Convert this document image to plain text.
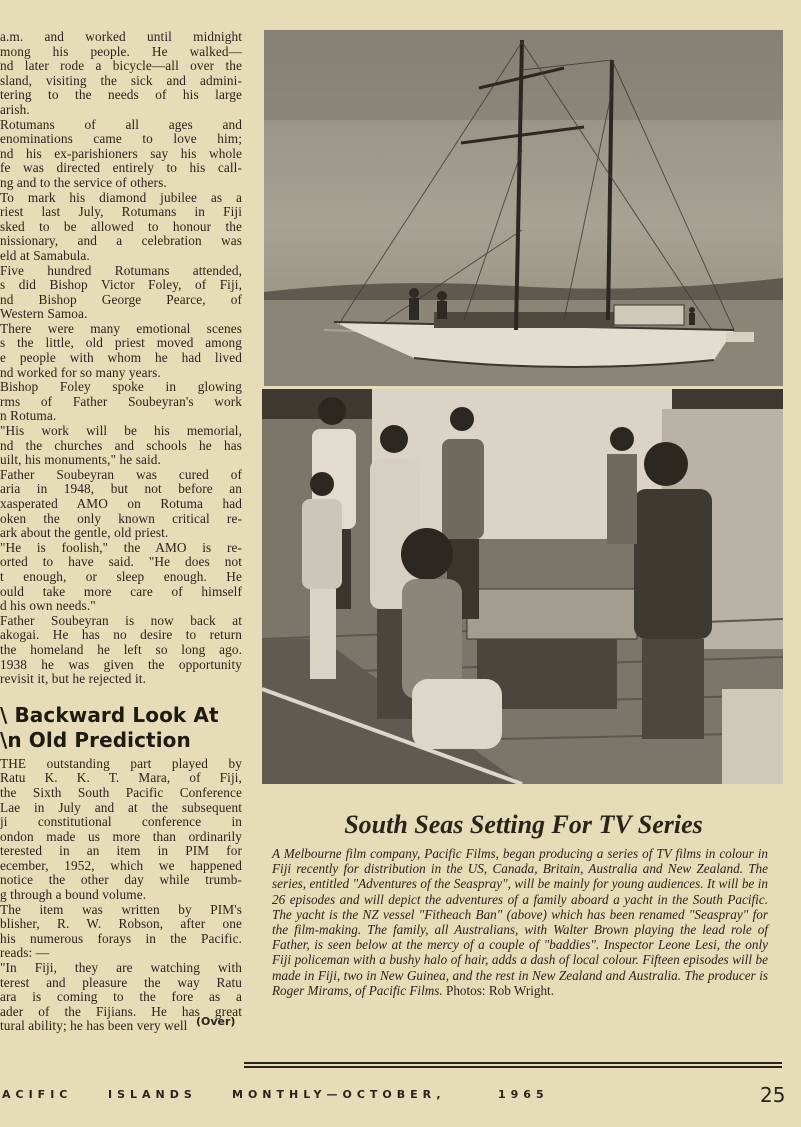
a.m. and worked until midnight
mong his people. He walked—
nd later rode a bicycle—all over the
sland, visiting the sick and admini-
tering to the needs of his large
arish.

Rotumans of all ages and
enominations came to love him;
nd his ex-parishioners say his whole
fe was directed entirely to his call-
ng and to the service of others.

To mark his diamond jubilee as a
riest last July, Rotumans in Fiji
sked to be allowed to honour the
nissionary, and a celebration was
eld at Samabula.

Five hundred Rotumans attended,
s did Bishop Victor Foley, of Fiji,
nd Bishop George Pearce, of
Western Samoa.

There were many emotional scenes
s the little, old priest moved among
e people with whom he had lived
nd worked for so many years.

Bishop Foley spoke in glowing
rms of Father Soubeyran's work
n Rotuma.

"His work will be his memorial,
nd the churches and schools he has
uilt, his monuments," he said.

Father Soubeyran was cured of
aria in 1948, but not before an
xasperated AMO on Rotuma had
oken the only known critical re-
ark about the gentle, old priest.

"He is foolish," the AMO is re-
orted to have said. "He does not
t enough, or sleep enough. He
ould take more care of himself
d his own needs."

Father Soubeyran is now back at
akogai. He has no desire to return
the homeland he left so long ago.
1938 he was given the opportunity
revisit it, but he rejected it.

\ Backward Look At
\n Old Prediction

THE outstanding part played by
Ratu K. K. T. Mara, of Fiji,
the Sixth South Pacific Conference
Lae in July and at the subsequent
ji constitutional conference in
ondon made us more than ordinarily
terested in an item in PIM for
ecember, 1952, which we happened
notice the other day while trumb-
g through a bound volume.

The item was written by PIM's
blisher, R. W. Robson, after one
his numerous forays in the Pacific.
reads: —

"In Fiji, they are watching with
terest and pleasure the way Ratu
ara is coming to the fore as a
ader of the Fijians. He has great
tural ability; he has been very well (Over)
South Seas Setting For TV Series
A Melbourne film company, Pacific Films, began producing a series of TV films in colour in Fiji recently for distribution in the US, Canada, Britain, Australia and New Zealand. The series, entitled "Adventures of the Seaspray", will be mainly for young audiences. It will be in 26 episodes and will depict the adventures of a family aboard a yacht in the South Pacific. The yacht is the NZ vessel "Fitheach Ban" (above) which has been renamed "Seaspray" for the film-making. The family, all Australians, with Walter Brown playing the lead role of Father, is seen below at the mercy of a couple of "baddies". Inspector Leone Lesi, the only Fiji policeman with a bushy halo of hair, adds a dash of local colour. Fifteen episodes will be made in Fiji, two in New Guinea, and the rest in New Zealand and Australia. The producer is Roger Mirams, of Pacific Films. Photos: Rob Wright.
ACIFIC	ISLANDS	MONTHLY—OCTOBER,	1965	25
